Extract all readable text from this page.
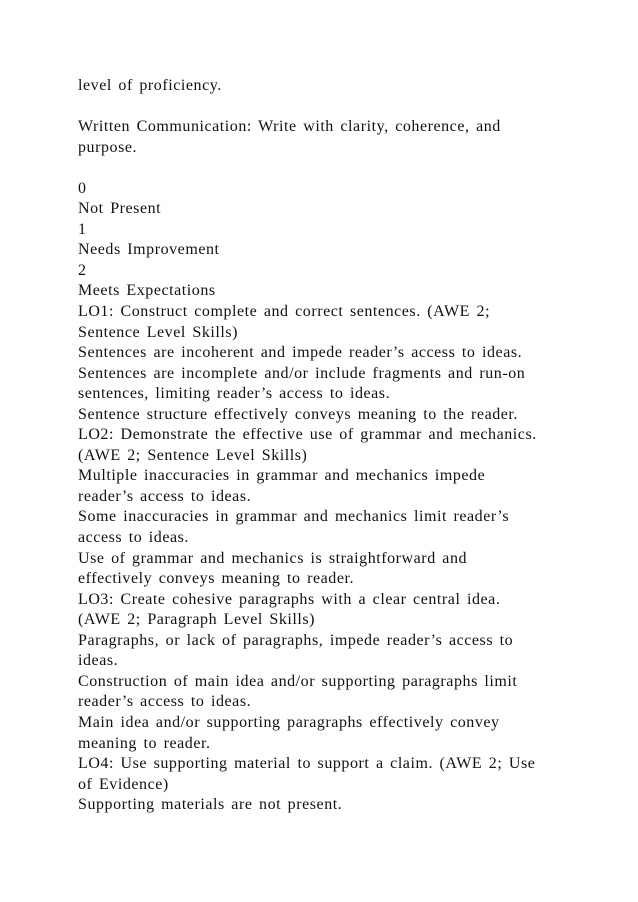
level of proficiency.

Written Communication: Write with clarity, coherence, and

purpose.

0

Not Present

1

Needs Improvement

2

Meets Expectations

LO1: Construct complete and correct sentences. (AWE 2;

Sentence Level Skills)

Sentences are incoherent and impede reader’s access to ideas.

Sentences are incomplete and/or include fragments and run-on

sentences, limiting reader’s access to ideas.

Sentence structure effectively conveys meaning to the reader.

LO2: Demonstrate the effective use of grammar and mechanics.

(AWE 2; Sentence Level Skills)

Multiple inaccuracies in grammar and mechanics impede

reader’s access to ideas.

Some inaccuracies in grammar and mechanics limit reader’s

access to ideas.

Use of grammar and mechanics is straightforward and

effectively conveys meaning to reader.

LO3: Create cohesive paragraphs with a clear central idea.

(AWE 2; Paragraph Level Skills)

Paragraphs, or lack of paragraphs, impede reader’s access to

ideas.

Construction of main idea and/or supporting paragraphs limit

reader’s access to ideas.

Main idea and/or supporting paragraphs effectively convey

meaning to reader.

LO4: Use supporting material to support a claim. (AWE 2; Use

of Evidence)

Supporting materials are not present.
